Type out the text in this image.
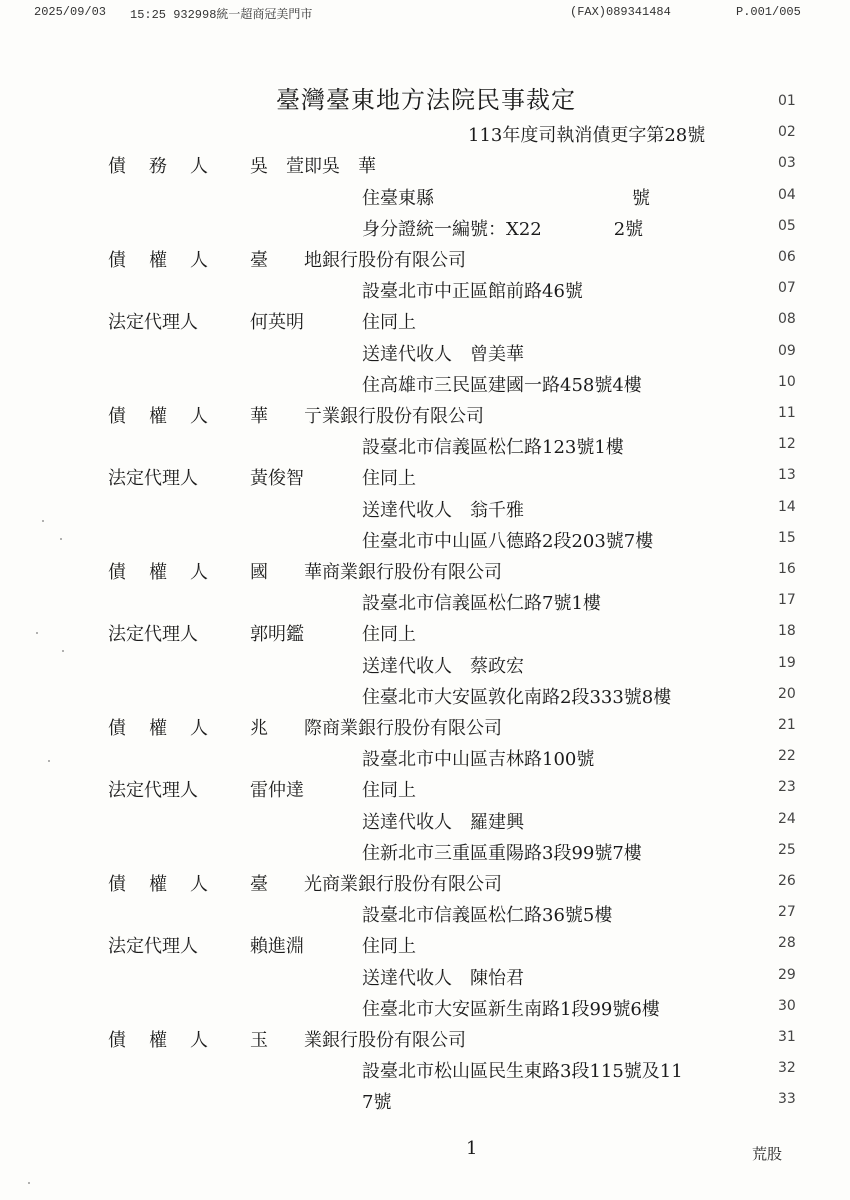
2025/09/03 15:25 932998統一超商冠美門市	(FAX)089341484	P.001/005
臺灣臺東地方法院民事裁定	01
113年度司執消債更字第28號	02
債務人 吳　萱即吳　華	03
住臺東縣　　　　　　　　　　　號	04
身分證統一編號：X22　　　　2號	05
債權人 臺　　地銀行股份有限公司	06
設臺北市中正區館前路46號	07
法定代理人	何英明	住同上	08
送達代收人　曾美華	09
住高雄市三民區建國一路458號4樓	10
債權人 華　　亍業銀行股份有限公司	11
設臺北市信義區松仁路123號1樓	12
法定代理人	黃俊智	住同上	13
送達代收人　翁千雅	14
住臺北市中山區八德路2段203號7樓	15
債權人 國　　華商業銀行股份有限公司	16
設臺北市信義區松仁路7號1樓	17
法定代理人	郭明鑑	住同上	18
送達代收人　蔡政宏	19
住臺北市大安區敦化南路2段333號8樓	20
債權人 兆　　際商業銀行股份有限公司	21
設臺北市中山區吉林路100號	22
法定代理人	雷仲達	住同上	23
送達代收人　羅建興	24
住新北市三重區重陽路3段99號7樓	25
債權人 臺　　光商業銀行股份有限公司	26
設臺北市信義區松仁路36號5樓	27
法定代理人	賴進淵	住同上	28
送達代收人　陳怡君	29
住臺北市大安區新生南路1段99號6樓	30
債權人 玉　　業銀行股份有限公司	31
設臺北市松山區民生東路3段115號及11	32
7號	33
1	荒股
